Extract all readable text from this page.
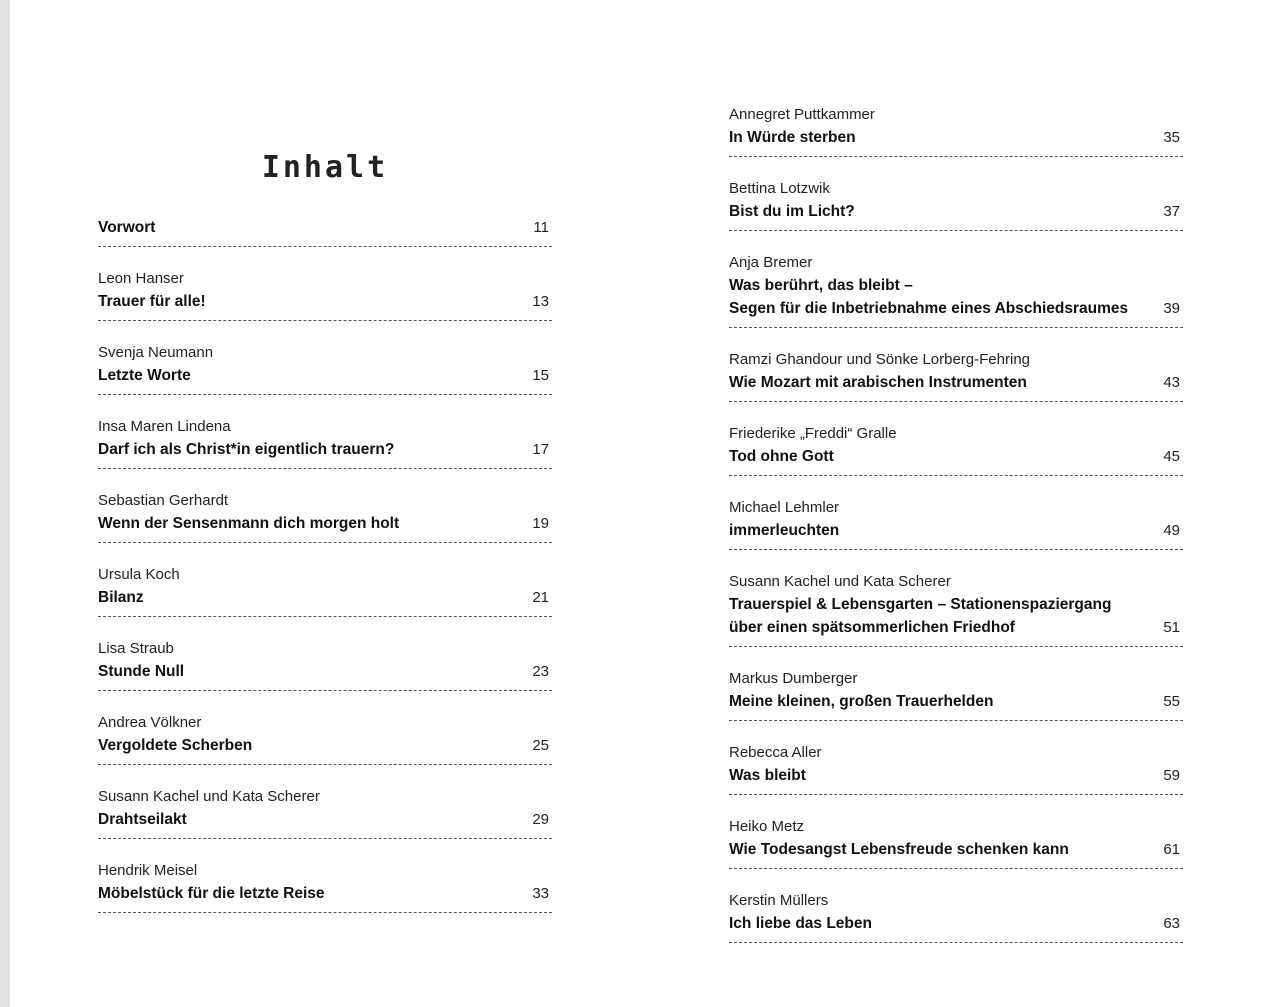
Inhalt
Vorwort	11
Leon Hanser
Trauer für alle!	13
Svenja Neumann
Letzte Worte	15
Insa Maren Lindena
Darf ich als Christ*in eigentlich trauern?	17
Sebastian Gerhardt
Wenn der Sensenmann dich morgen holt	19
Ursula Koch
Bilanz	21
Lisa Straub
Stunde Null	23
Andrea Völkner
Vergoldete Scherben	25
Susann Kachel und Kata Scherer
Drahtseilakt	29
Hendrik Meisel
Möbelstück für die letzte Reise	33
Annegret Puttkammer
In Würde sterben	35
Bettina Lotzwik
Bist du im Licht?	37
Anja Bremer
Was berührt, das bleibt –
Segen für die Inbetriebnahme eines Abschiedsraumes	39
Ramzi Ghandour und Sönke Lorberg-Fehring
Wie Mozart mit arabischen Instrumenten	43
Friederike „Freddi“ Gralle
Tod ohne Gott	45
Michael Lehmler
immerleuchten	49
Susann Kachel und Kata Scherer
Trauerspiel & Lebensgarten – Stationenspaziergang
über einen spätsommerlichen Friedhof	51
Markus Dumberger
Meine kleinen, großen Trauerhelden	55
Rebecca Aller
Was bleibt	59
Heiko Metz
Wie Todesangst Lebensfreude schenken kann	61
Kerstin Müllers
Ich liebe das Leben	63
